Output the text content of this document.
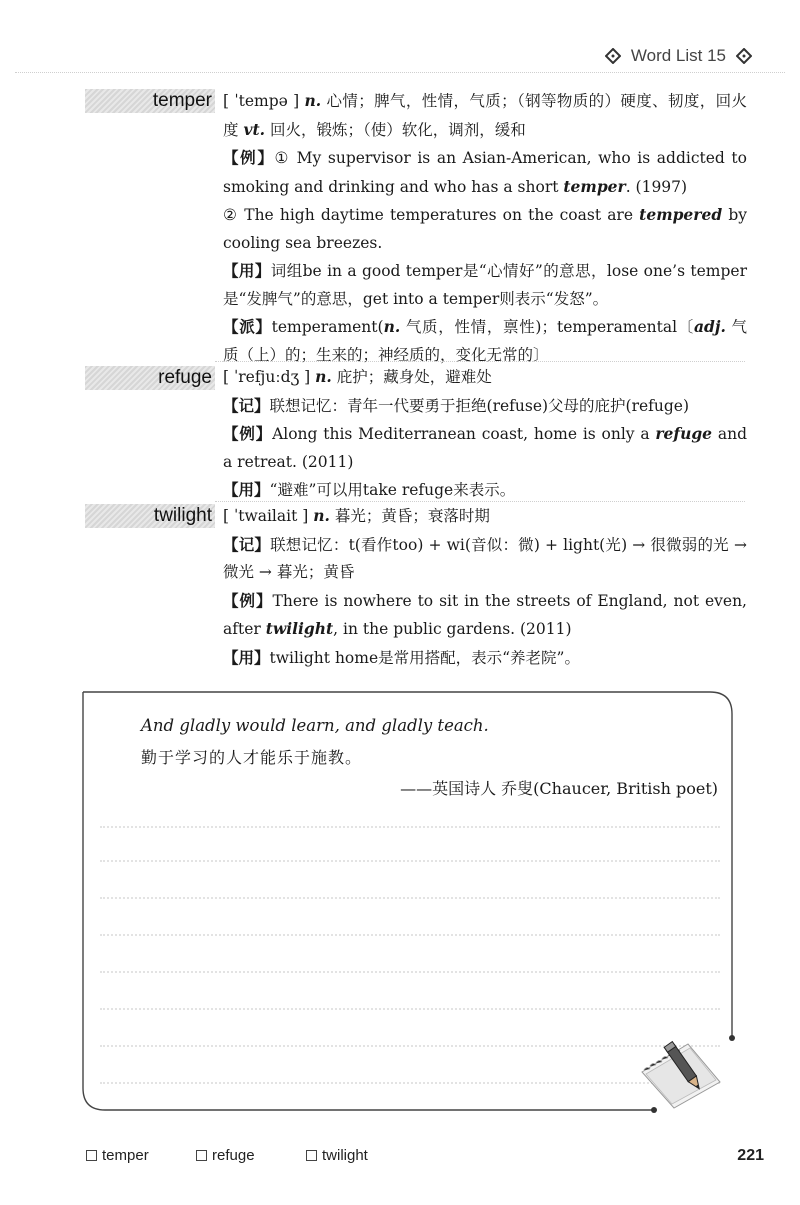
Word List 15
temper [ ˈtempə ] n. 心情；脾气，性情，气质；（钢等物质的）硬度、韧度，回火度 vt. 回火，锻炼；（使）软化，调剂，缓和

【例】① My supervisor is an Asian-American, who is addicted to smoking and drinking and who has a short temper. (1997)

② The high daytime temperatures on the coast are tempered by cooling sea breezes.

【用】词组be in a good temper是“心情好”的意思，lose one’s temper是“发脾气”的意思，get into a temper则表示“发怒”。

【派】temperament(n. 气质，性情，禀性)；temperamental〔adj. 气质（上）的；生来的；神经质的，变化无常的〕

refuge [ ˈrefjuːdʒ ] n. 庇护；藏身处，避难处

【记】联想记忆：青年一代要勇于拒绝(refuse)父母的庇护(refuge)

【例】Along this Mediterranean coast, home is only a refuge and a retreat. (2011)

【用】“避难”可以用take refuge来表示。

twilight [ ˈtwailait ] n. 暮光；黄昏；衰落时期

【记】联想记忆：t(看作too) + wi(音似：微) + light(光) → 很微弱的光 → 微光 → 暮光；黄昏

【例】There is nowhere to sit in the streets of England, not even, after twilight, in the public gardens. (2011)

【用】twilight home是常用搭配，表示“养老院”。

And gladly would learn, and gladly teach.
勤于学习的人才能乐于施教。
——英国诗人 乔叟(Chaucer, British poet)
temper	refuge	twilight	221
